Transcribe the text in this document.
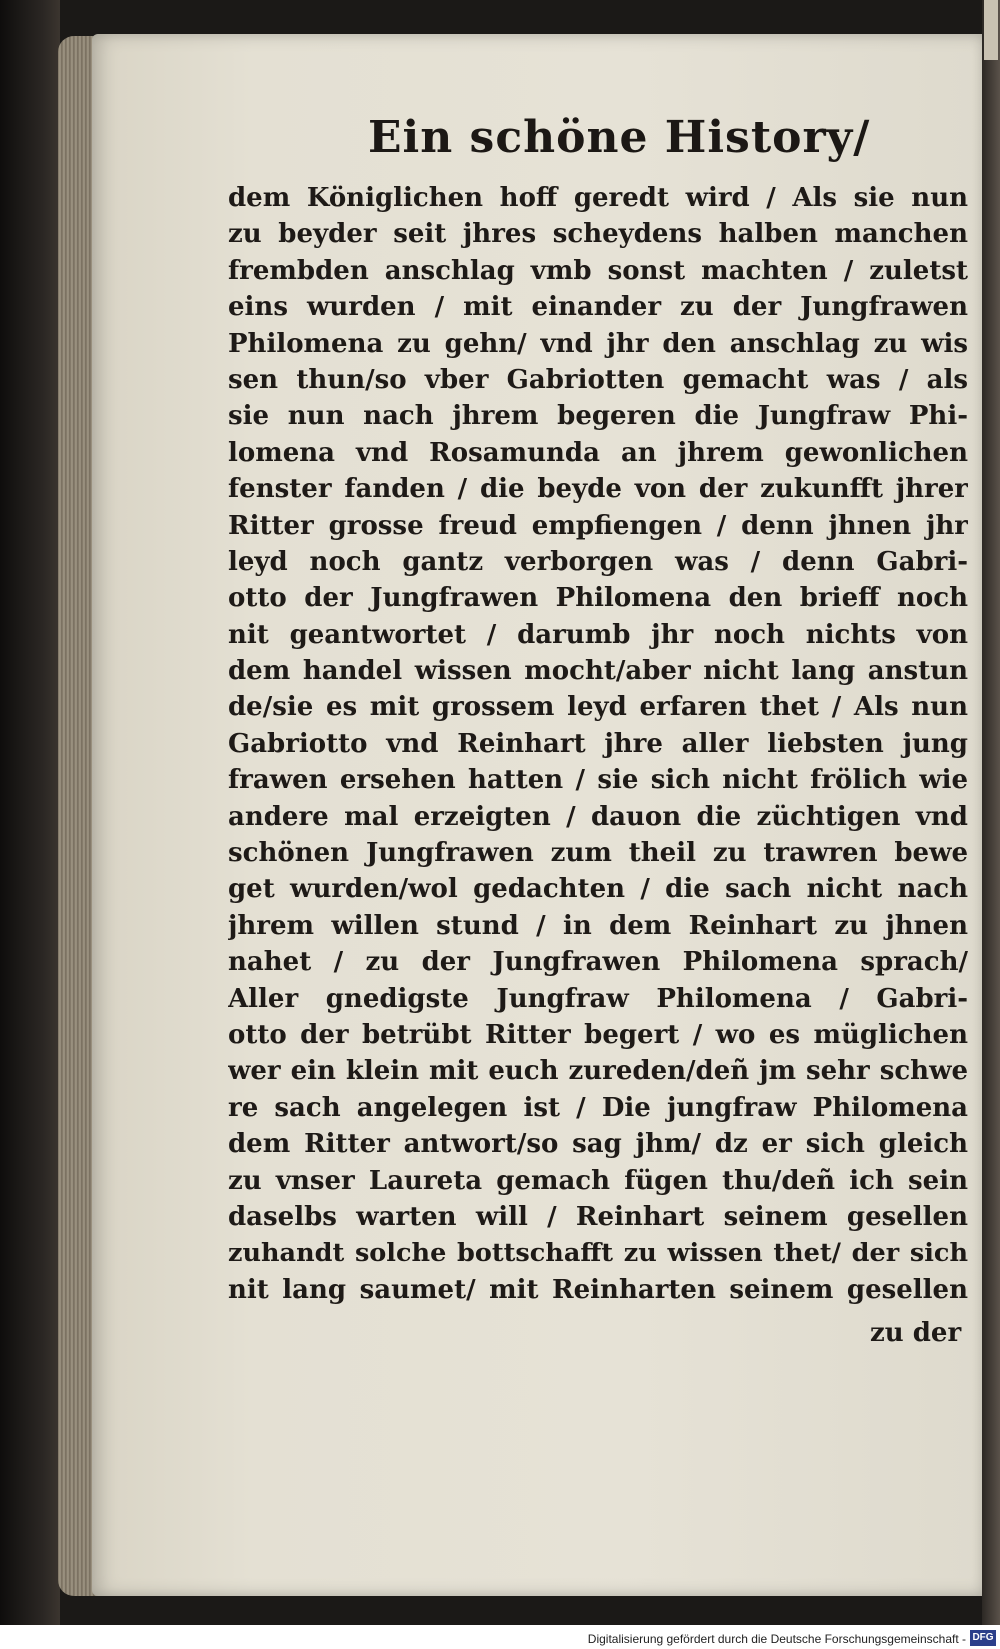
Ein schöne History/
dem Königlichen hoff geredt wird / Als sie nun
zu beyder seit jhres scheydens halben manchen
frembden anschlag vmb sonst machten / zuletst
eins wurden / mit einander zu der Jungfrawen
Philomena zu gehn/ vnd jhr den anschlag zu wis
sen thun/so vber Gabriotten gemacht was / als
sie nun nach jhrem begeren die Jungfraw Phi-
lomena vnd Rosamunda an jhrem gewonlichen
fenster fanden / die beyde von der zukunfft jhrer
Ritter grosse freud empfiengen / denn jhnen jhr
leyd noch gantz verborgen was / denn Gabri-
otto der Jungfrawen Philomena den brieff noch
nit geantwortet / darumb jhr noch nichts von
dem handel wissen mocht/aber nicht lang anstun
de/sie es mit grossem leyd erfaren thet / Als nun
Gabriotto vnd Reinhart jhre aller liebsten jung
frawen ersehen hatten / sie sich nicht frölich wie
andere mal erzeigten / dauon die züchtigen vnd
schönen Jungfrawen zum theil zu trawren bewe
get wurden/wol gedachten / die sach nicht nach
jhrem willen stund / in dem Reinhart zu jhnen
nahet / zu der Jungfrawen Philomena sprach/
Aller gnedigste Jungfraw Philomena / Gabri-
otto der betrübt Ritter begert / wo es müglichen
wer ein klein mit euch zureden/deñ jm sehr schwe
re sach angelegen ist / Die jungfraw Philomena
dem Ritter antwort/so sag jhm/ dz er sich gleich
zu vnser Laureta gemach fügen thu/deñ ich sein
daselbs warten will / Reinhart seinem gesellen
zuhandt solche bottschafft zu wissen thet/ der sich
nit lang saumet/ mit Reinharten seinem gesellen
zu der
Digitalisierung gefördert durch die Deutsche Forschungsgemeinschaft - DFG
